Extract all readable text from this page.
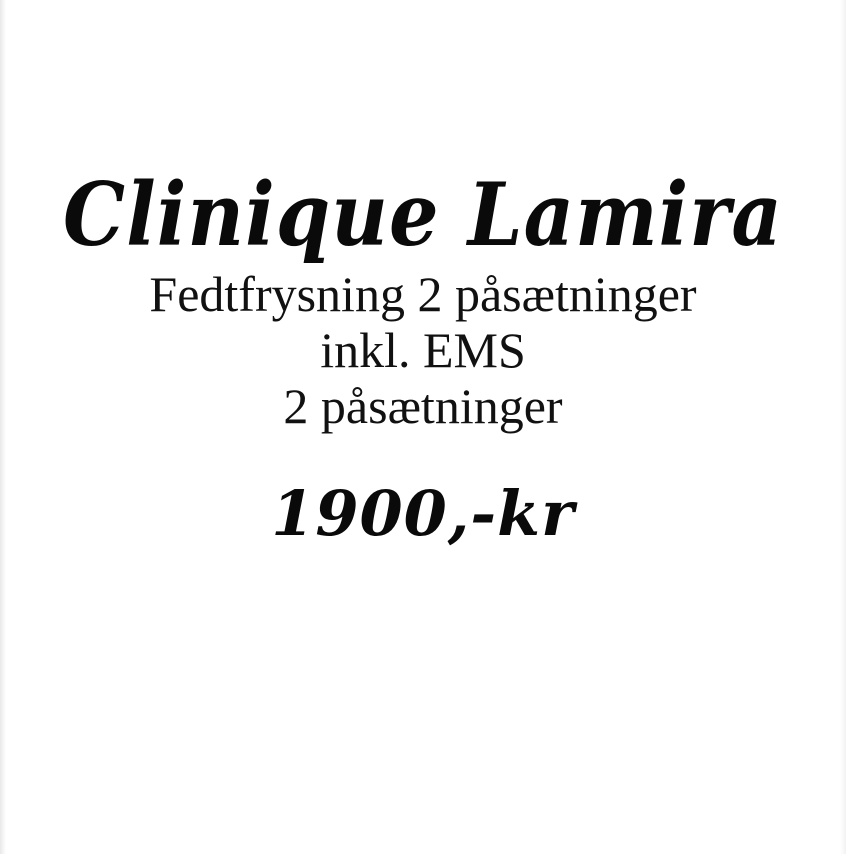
Clinique Lamira
Fedtfrysning 2 påsætninger
inkl. EMS
2 påsætninger
1900,-kr
